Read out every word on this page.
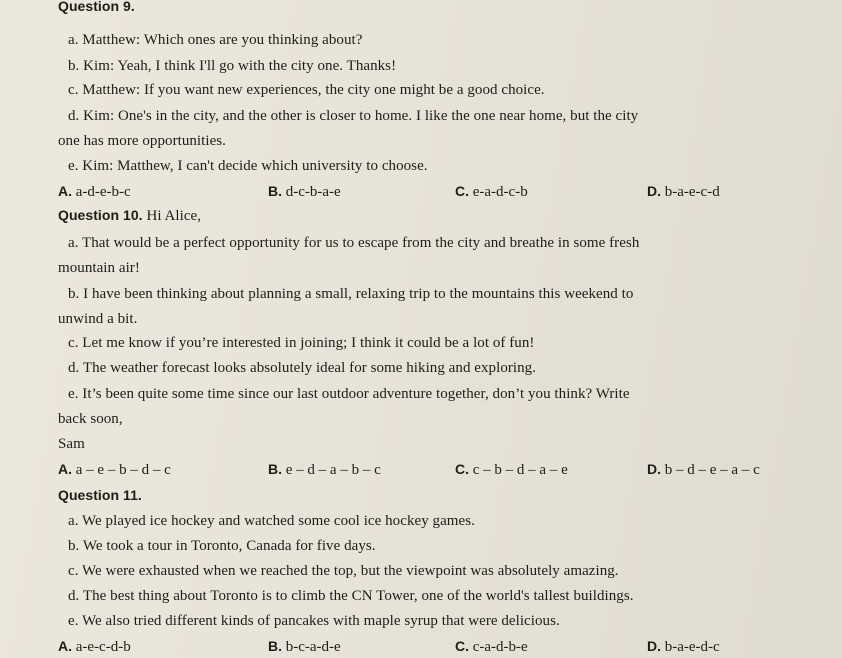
Question 9.
a. Matthew: Which ones are you thinking about?
b. Kim: Yeah, I think I'll go with the city one. Thanks!
c. Matthew: If you want new experiences, the city one might be a good choice.
d. Kim: One's in the city, and the other is closer to home. I like the one near home, but the city
one has more opportunities.
e. Kim: Matthew, I can't decide which university to choose.
A. a-d-e-b-c	B. d-c-b-a-e	C. e-a-d-c-b	D. b-a-e-c-d
Question 10. Hi Alice,
a. That would be a perfect opportunity for us to escape from the city and breathe in some fresh
mountain air!
b. I have been thinking about planning a small, relaxing trip to the mountains this weekend to
unwind a bit.
c. Let me know if you’re interested in joining; I think it could be a lot of fun!
d. The weather forecast looks absolutely ideal for some hiking and exploring.
e. It’s been quite some time since our last outdoor adventure together, don’t you think? Write
back soon,
Sam
A. a – e – b – d – c	B. e – d – a – b – c	C. c – b – d – a – e	D. b – d – e – a – c
Question 11.
a. We played ice hockey and watched some cool ice hockey games.
b. We took a tour in Toronto, Canada for five days.
c. We were exhausted when we reached the top, but the viewpoint was absolutely amazing.
d. The best thing about Toronto is to climb the CN Tower, one of the world's tallest buildings.
e. We also tried different kinds of pancakes with maple syrup that were delicious.
A. a-e-c-d-b	B. b-c-a-d-e	C. c-a-d-b-e	D. b-a-e-d-c
